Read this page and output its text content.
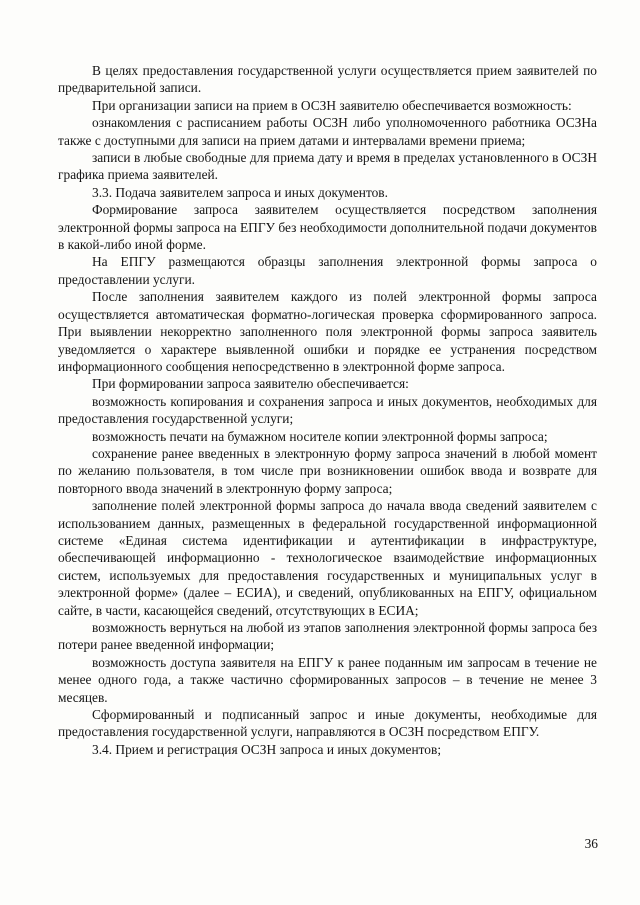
В целях предоставления государственной услуги осуществляется прием заявителей по предварительной записи.

При организации записи на прием в ОСЗН заявителю обеспечивается возможность:

ознакомления с расписанием работы ОСЗН либо уполномоченного работника ОСЗНа также с доступными для записи на прием датами и интервалами времени приема;

записи в любые свободные для приема дату и время в пределах установленного в ОСЗН графика приема заявителей.

3.3. Подача заявителем запроса и иных документов.

Формирование запроса заявителем осуществляется посредством заполнения электронной формы запроса на ЕПГУ без необходимости дополнительной подачи документов в какой-либо иной форме.

На ЕПГУ размещаются образцы заполнения электронной формы запроса о предоставлении услуги.

После заполнения заявителем каждого из полей электронной формы запроса осуществляется автоматическая форматно-логическая проверка сформированного запроса. При выявлении некорректно заполненного поля электронной формы запроса заявитель уведомляется о характере выявленной ошибки и порядке ее устранения посредством информационного сообщения непосредственно в электронной форме запроса.

При формировании запроса заявителю обеспечивается:

возможность копирования и сохранения запроса и иных документов, необходимых для предоставления государственной услуги;

возможность печати на бумажном носителе копии электронной формы запроса;

сохранение ранее введенных в электронную форму запроса значений в любой момент по желанию пользователя, в том числе при возникновении ошибок ввода и возврате для повторного ввода значений в электронную форму запроса;

заполнение полей электронной формы запроса до начала ввода сведений заявителем с использованием данных, размещенных в федеральной государственной информационной системе «Единая система идентификации и аутентификации в инфраструктуре, обеспечивающей информационно - технологическое взаимодействие информационных систем, используемых для предоставления государственных и муниципальных услуг в электронной форме» (далее – ЕСИА), и сведений, опубликованных на ЕПГУ, официальном сайте, в части, касающейся сведений, отсутствующих в ЕСИА;

возможность вернуться на любой из этапов заполнения электронной формы запроса без потери ранее введенной информации;

возможность доступа заявителя на ЕПГУ к ранее поданным им запросам в течение не менее одного года, а также частично сформированных запросов – в течение не менее 3 месяцев.

Сформированный и подписанный запрос и иные документы, необходимые для предоставления государственной услуги, направляются в ОСЗН посредством ЕПГУ.

3.4. Прием и регистрация ОСЗН запроса и иных документов;

36
